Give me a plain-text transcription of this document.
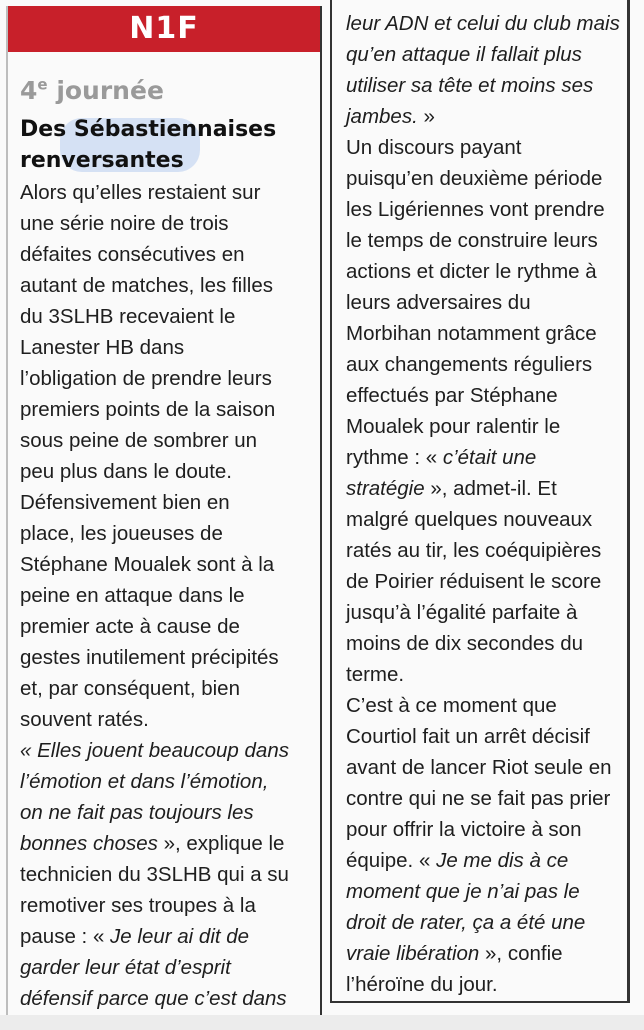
N1F
4e journée
Des Sébastiennaises
renversantes
Alors qu’elles restaient sur
une série noire de trois
défaites consécutives en
autant de matches, les filles
du 3SLHB recevaient le
Lanester HB dans
l’obligation de prendre leurs
premiers points de la saison
sous peine de sombrer un
peu plus dans le doute.
Défensivement bien en
place, les joueuses de
Stéphane Moualek sont à la
peine en attaque dans le
premier acte à cause de
gestes inutilement précipités
et, par conséquent, bien
souvent ratés.
« Elles jouent beaucoup dans
l’émotion et dans l’émotion,
on ne fait pas toujours les
bonnes choses », explique le
technicien du 3SLHB qui a su
remotiver ses troupes à la
pause : « Je leur ai dit de
garder leur état d’esprit
défensif parce que c’est dans
leur ADN et celui du club mais
qu’en attaque il fallait plus
utiliser sa tête et moins ses
jambes. »
Un discours payant
puisqu’en deuxième période
les Ligériennes vont prendre
le temps de construire leurs
actions et dicter le rythme à
leurs adversaires du
Morbihan notamment grâce
aux changements réguliers
effectués par Stéphane
Moualek pour ralentir le
rythme : « c’était une
stratégie », admet-il. Et
malgré quelques nouveaux
ratés au tir, les coéquipières
de Poirier réduisent le score
jusqu’à l’égalité parfaite à
moins de dix secondes du
terme.
C’est à ce moment que
Courtiol fait un arrêt décisif
avant de lancer Riot seule en
contre qui ne se fait pas prier
pour offrir la victoire à son
équipe. « Je me dis à ce
moment que je n’ai pas le
droit de rater, ça a été une
vraie libération », confie
l’héroïne du jour.
